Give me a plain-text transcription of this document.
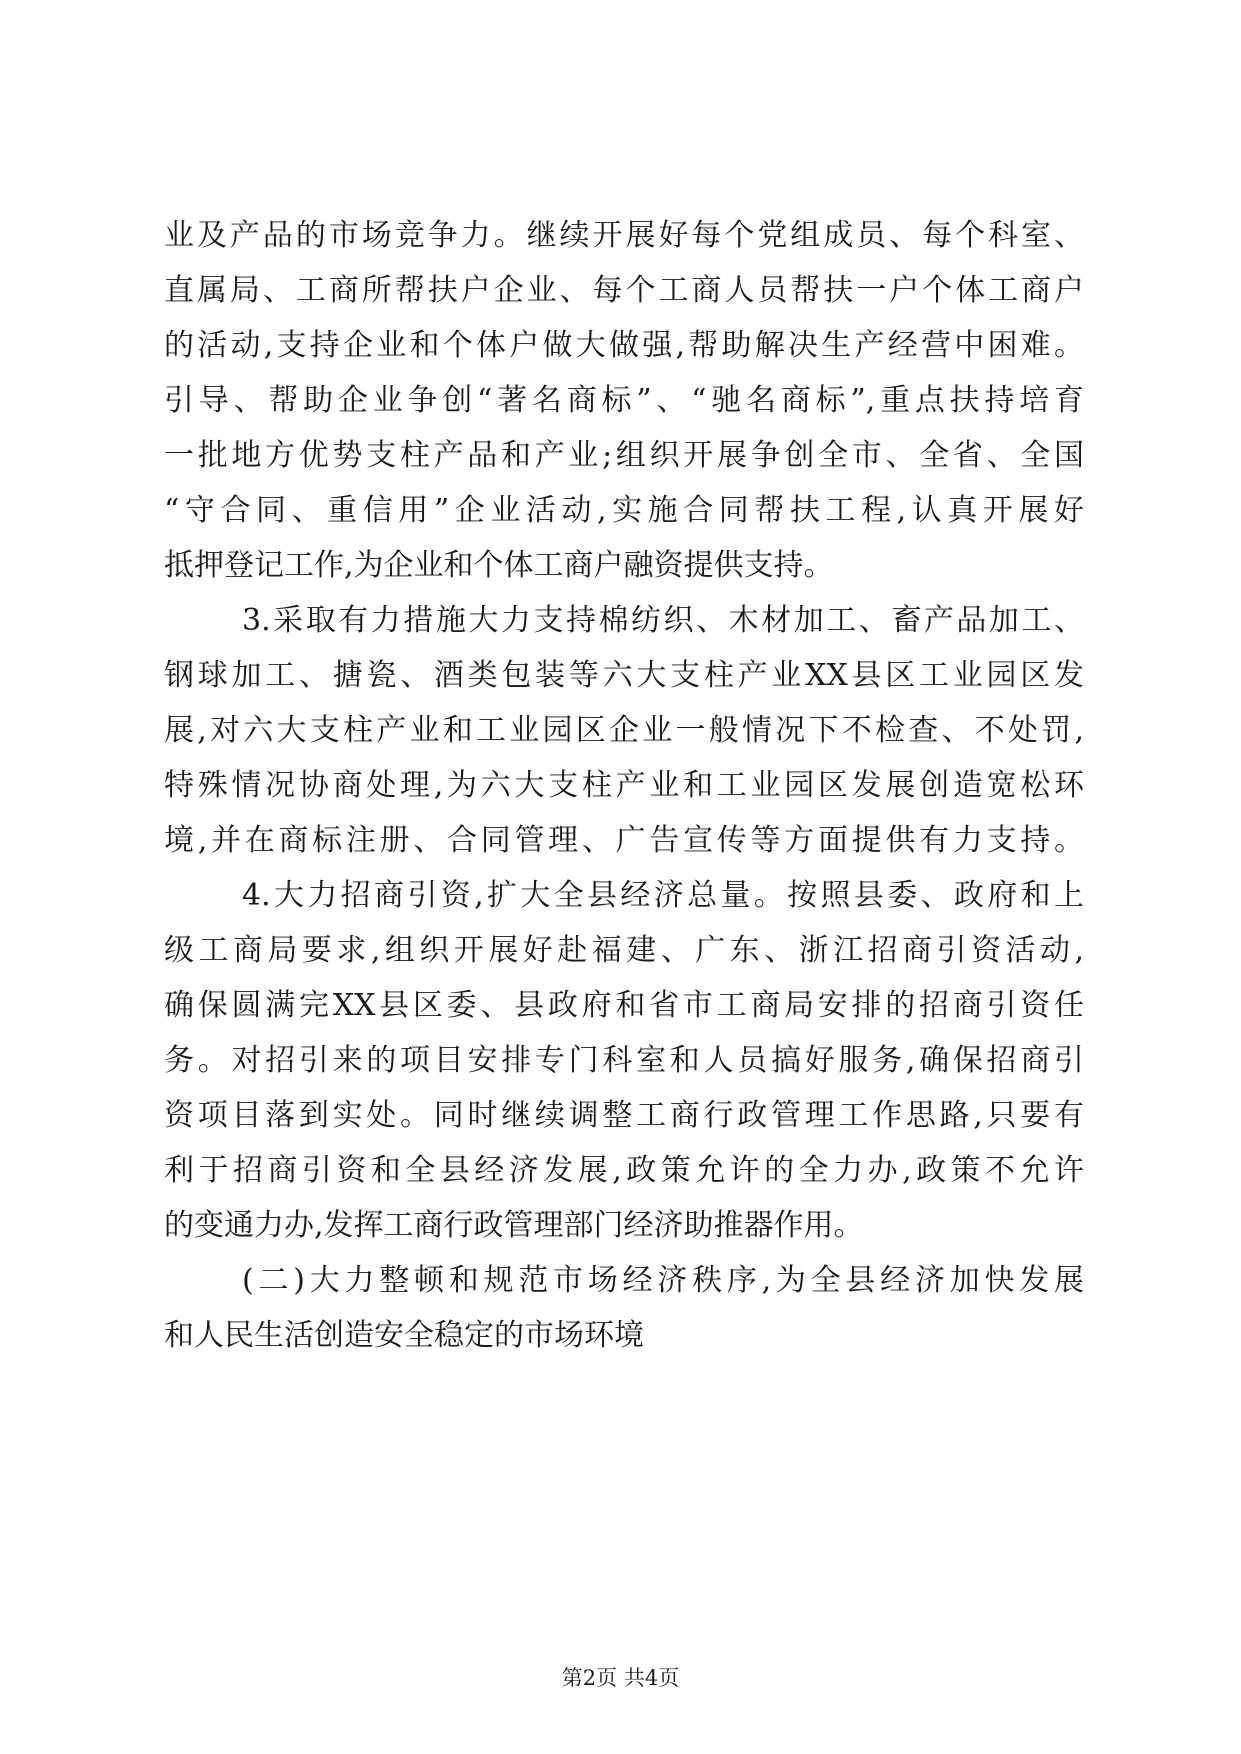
业及产品的市场竞争力。继续开展好每个党组成员、每个科室、
直属局、工商所帮扶户企业、每个工商人员帮扶一户个体工商户
的活动,支持企业和个体户做大做强,帮助解决生产经营中困难。
引导、帮助企业争创“著名商标”、“驰名商标”,重点扶持培育
一批地方优势支柱产品和产业;组织开展争创全市、全省、全国
“守合同、重信用”企业活动,实施合同帮扶工程,认真开展好
抵押登记工作,为企业和个体工商户融资提供支持。
3.采取有力措施大力支持棉纺织、木材加工、畜产品加工、
钢球加工、搪瓷、酒类包装等六大支柱产业XX县区工业园区发
展,对六大支柱产业和工业园区企业一般情况下不检查、不处罚,
特殊情况协商处理,为六大支柱产业和工业园区发展创造宽松环
境,并在商标注册、合同管理、广告宣传等方面提供有力支持。
4.大力招商引资,扩大全县经济总量。按照县委、政府和上
级工商局要求,组织开展好赴福建、广东、浙江招商引资活动,
确保圆满完XX县区委、县政府和省市工商局安排的招商引资任
务。对招引来的项目安排专门科室和人员搞好服务,确保招商引
资项目落到实处。同时继续调整工商行政管理工作思路,只要有
利于招商引资和全县经济发展,政策允许的全力办,政策不允许
的变通力办,发挥工商行政管理部门经济助推器作用。
(二)大力整顿和规范市场经济秩序,为全县经济加快发展
和人民生活创造安全稳定的市场环境
第2页 共4页
